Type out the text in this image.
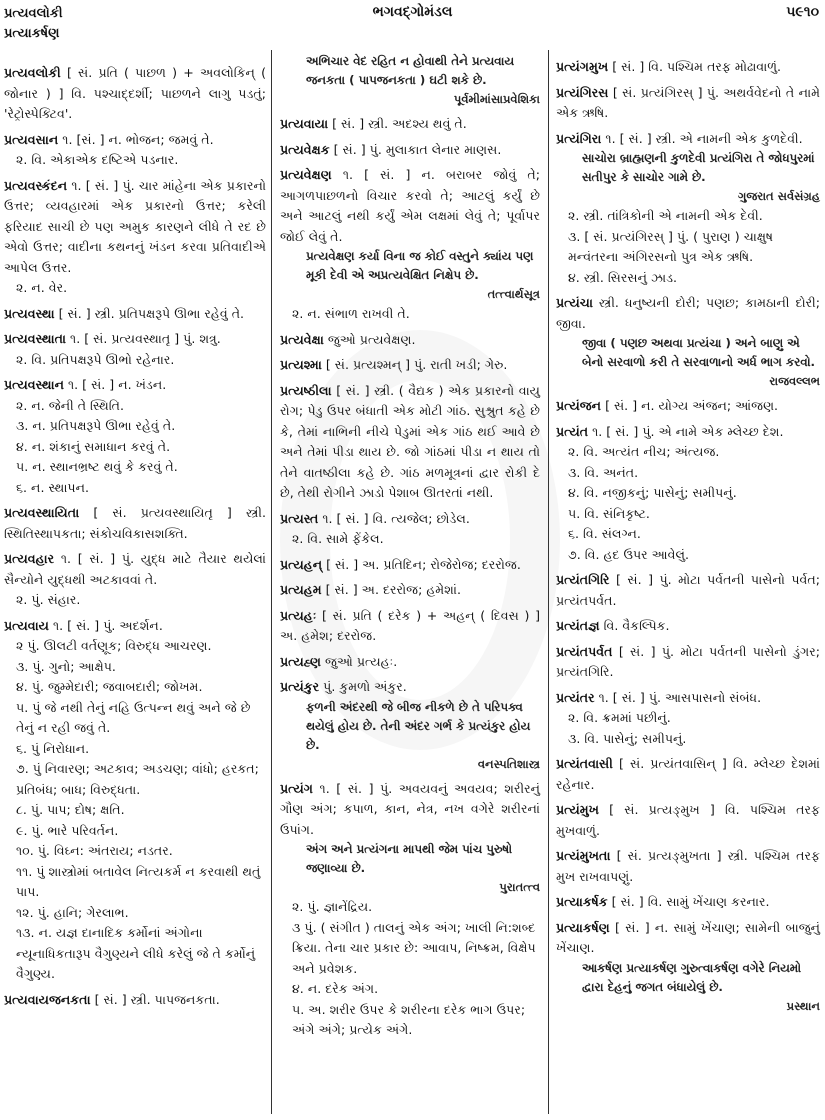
પ્રત્યવલોકી
પ્રત્યાકર્ષણ
ભગવદ્ગોમંડલ	૫૯૧૦
પ્રત્યવલોકી [ સં. પ્રતિ ( પાછળ ) + અવલોકિન્ ( જોનાર ) ] વિ. પશ્ચાદ્દર્શી; પાછળને લાગુ પડતું; 'રેટ્રોસ્પેક્ટિવ'.
પ્રત્યવસાન ૧. [સં. ] ન. ભોજન; જમવું તે.
૨. વિ. એકાએક દષ્ટિએ પડનાર.
પ્રત્યવસ્કંદન ૧. [ સં. ] પું. ચાર માંહેના એક પ્રકારનો ઉત્તર; વ્યવહારમાં એક પ્રકારનો ઉત્તર; કરેલી ફરિયાદ સાચી છે પણ અમુક કારણને લીધે તે રદ છે એવો ઉત્તર; વાદીના કથનનું ખંડન કરવા પ્રતિવાદીએ આપેલ ઉત્તર.
૨. ન. વેર.
પ્રત્યવસ્થા [ સં. ] સ્ત્રી. પ્રતિપક્ષરૂપે ઊભા રહેવું તે.
પ્રત્યવસ્થાતા ૧. [ સં. પ્રત્યવસ્થાતૃ ] પું. શત્રુ.
૨. વિ. પ્રતિપક્ષરૂપે ઊભો રહેનાર.
પ્રત્યવસ્થાન ૧. [ સં. ] ન. ખંડન.
૨. ન. જેની તે સ્થિતિ.
૩. ન. પ્રતિપક્ષરૂપે ઊભા રહેવું તે.
૪. ન. શંકાનું સમાધાન કરવું તે.
૫. ન. સ્થાનભ્રષ્ટ થવું કે કરવું તે.
૬. ન. સ્થાપન.
પ્રત્યવસ્થાયિતા [ સં. પ્રત્યવસ્થાયિતૃ ] સ્ત્રી. સ્થિતિસ્થાપકતા; સંકોચવિકાસશક્તિ.
પ્રત્યવહાર ૧. [ સં. ] પું. યુદ્ધ માટે તૈયાર થયેલાં સૈન્યોને યુદ્ધથી અટકાવવાં તે.
૨. પું. સંહાર.
પ્રત્યવાય ૧. [ સં. ] પું. અદર્શન.
૨ પું. ઊલટી વર્તણૂક; વિરુદ્ધ આચરણ.
૩. પું. ગુનો; આક્ષેપ.
૪. પું. જુમ્મેદારી; જવાબદારી; જોખમ.
૫. પું જે નથી તેનું નહિ ઉત્પન્ન થવું અને જે છે તેનું ન રહી જવું તે.
૬. પું નિરોધાન.
૭. પું નિવારણ; અટકાવ; અડચણ; વાંધો; હરકત; પ્રતિબંધ; બાધ; વિરુદ્ધતા.
૮. પું. પાપ; દોષ; ક્ષતિ.
૯. પું. ભારે પરિવર્તન.
૧૦. પું. વિઘ્ન: અંતરાય; નડતર.
૧૧. પું શાસ્ત્રોમાં બતાવેલ નિત્યકર્મ ન કરવાથી થતું પાપ.
૧૨. પું. હાનિ; ગેરલાભ.
૧૩. ન. યજ્ઞ દાનાદિક કર્મોનાં અંગોના ન્યૂનાધિકતારૂપ વૈગુણ્યને લીધે કરેલું જે તે કર્મોનું વૈગુણ્ય.
પ્રત્યવાયજનકતા [ સં. ] સ્ત્રી. પાપજનકતા.
અભિચાર વેદ રહિત ન હોવાથી તેને પ્રત્યવાય જનકતા ( પાપજનકતા ) ઘટી શકે છે.
પૂર્વમીમાંસાપ્રવેશિકા
પ્રત્યવાયા [ સં. ] સ્ત્રી. અદશ્ય થવું તે.
પ્રત્યવેક્ષક [ સં. ] પું. મુલાકાત લેનાર માણસ.
પ્રત્યવેક્ષણ ૧. [ સં. ] ન. બરાબર જોવું તે; આગળપાછળનો વિચાર કરવો તે; આટલું કર્યું છે અને આટલું નથી કર્યું એમ લક્ષમાં લેવું તે; પૂર્વાપર જોઈ લેવું તે.
પ્રત્યવેક્ષણ કર્યા વિના જ કોઈ વસ્તુને ક્યાંય પણ મૂકી દેવી એ અપ્રત્યવેક્ષિત નિક્ષેપ છે.
તત્ત્વાર્થસૂત્ર
૨. ન. સંભાળ રાખવી તે.
પ્રત્યવેક્ષા જુઓ પ્રત્યવેક્ષણ.
પ્રત્યશ્મા [ સં. પ્રત્યશ્મન્ ] પું. રાતી ખડી; ગેરુ.
પ્રત્યષ્ઠીલા [ સં. ] સ્ત્રી. ( વૈદ્યક ) એક પ્રકારનો વાયુ રોગ; પેડુ ઉપર બંધાતી એક મોટી ગાંઠ. સુશ્રુત કહે છે કે, તેમાં નાભિની નીચે પેડુમાં એક ગાંઠ થઈ આવે છે અને તેમાં પીડા થાય છે. જો ગાંઠમાં પીડા ન થાય તો તેને વાતષ્ઠીલા કહે છે. ગાંઠ મળમૂત્રનાં દ્વાર રોકી દે છે, તેથી રોગીને ઝાડો પેશાબ ઊતરતાં નથી.
પ્રત્યસ્ત ૧. [ સં. ] વિ. ત્યજેલ; છોડેલ.
૨. વિ. સામે ફેંકેલ.
પ્રત્યહન્ [ સં. ] અ. પ્રતિદિન; રોજેરોજ; દરરોજ.
પ્રત્યહમ [ સં. ] અ. દરરોજ; હમેશાં.
પ્રત્યહઃ [ સં. પ્રતિ ( દરેક ) + અહન્ ( દિવસ ) ] અ. હમેશ; દરરોજ.
પ્રત્યહ્ણ જુઓ પ્રત્યહઃ.
પ્રત્યંકુર પું. કુમળો અંકુર.
ફળની અંદરથી જે બીજ નીકળે છે તે પરિપક્વ થયેલું હોય છે. તેની અંદર ગર્ભ કે પ્રત્યંકુર હોય છે.
વનસ્પતિશાસ્ત્ર
પ્રત્યંગ ૧. [ સં. ] પું. અવયવનું અવયવ; શરીરનું ગૌણ અંગ; કપાળ, કાન, નેત્ર, નખ વગેરે શરીરનાં ઉપાંગ.
અંગ અને પ્રત્યંગના માપથી જેમ પાંચ પુરુષો જણાવ્યા છે.
પુરાતત્ત્વ
૨. પું. જ્ઞાનેંદ્રિય.
૩ પું. ( સંગીત ) તાલનું એક અંગ; ખાલી નિ:શબ્દ ક્રિયા. તેના ચાર પ્રકાર છે: આવાપ, નિષ્ક્રમ, વિક્ષેપ અને પ્રવેશક.
૪. ન. દરેક અંગ.
૫. અ. શરીર ઉપર કે શરીરના દરેક ભાગ ઉપર; અંગે અંગે; પ્રત્યેક અંગે.
પ્રત્યંગમુખ [ સં. ] વિ. પશ્ચિમ તરફ મોઢાવાળું.
પ્રત્યંગિરસ [ સં. પ્રત્યંગિરસ્ ] પું. અથર્વવેદનો તે નામે એક ઋષિ.
પ્રત્યંગિરા ૧. [ સં. ] સ્ત્રી. એ નામની એક કુળદેવી.
સાચોરા બ્રાહ્મણની કુળદેવી પ્રત્યંગિરા તે જોધપુરમાં સતીપુર કે સાચોર ગામે છે.
ગુજરાત સર્વસંગ્રહ
૨. સ્ત્રી. તાંત્રિકોની એ નામની એક દેવી.
૩. [ સં. પ્રત્યંગિરસ્ ] પું. ( પુરાણ ) ચાક્ષુષ મન્વંતરના અંગિરસનો પુત્ર એક ઋષિ.
૪. સ્ત્રી. સિરસનું ઝાડ.
પ્રત્યંચા સ્ત્રી. ધનુષ્યની દોરી; પણછ; કામઠાની દોરી; જીવા.
જીવા ( પણછ અથવા પ્રત્યંચા ) અને બાણુ એ બેનો સરવાળો કરી તે સરવાળાનો અર્ધ ભાગ કરવો.
રાજવલ્લભ
પ્રત્યંજન [ સં. ] ન. યોગ્ય અંજન; આંજણ.
પ્રત્યંત ૧. [ સં. ] પું. એ નામે એક મ્લેચ્છ દેશ.
૨. વિ. અત્યંત નીચ; અંત્યજ.
૩. વિ. અનંત.
૪. વિ. નજીકનું; પાસેનું; સમીપનું.
૫. વિ. સંનિકૃષ્ટ.
૬. વિ. સંલગ્ન.
૭. વિ. હદ ઉપર આવેલું.
પ્રત્યંતગિરિ [ સં. ] પું. મોટા પર્વતની પાસેનો પર્વત; પ્રત્યંતપર્વત.
પ્રત્યંતજ્ઞ વિ. વૈકલ્પિક.
પ્રત્યંતપર્વત [ સં. ] પું. મોટા પર્વતની પાસેનો ડુંગર; પ્રત્યંતગિરિ.
પ્રત્યંતર ૧. [ સં. ] પું. આસપાસનો સંબંધ.
૨. વિ. ક્રમમાં પછીનું.
૩. વિ. પાસેનું; સમીપનું.
પ્રત્યંતવાસી [ સં. પ્રત્યંતવાસિન્ ] વિ. મ્લેચ્છ દેશમાં રહેનાર.
પ્રત્યંમુખ [ સં. પ્રત્યઙ્મુખ ] વિ. પશ્ચિમ તરફ મુખવાળું.
પ્રત્યંમુખતા [ સં. પ્રત્યઙ્મુખતા ] સ્ત્રી. પશ્ચિમ તરફ મુખ રાખવાપણું.
પ્રત્યાકર્ષક [ સં. ] વિ. સામું ખેંચાણ કરનાર.
પ્રત્યાકર્ષણ [ સં. ] ન. સામું ખેંચાણ; સામેની બાજુનું ખેંચાણ.
આકર્ષણ પ્રત્યાકર્ષણ ગુરુત્વાકર્ષણ વગેરે નિયમો દ્વારા દેહનું જગત બંધાયેલું છે.
પ્રસ્થાન
